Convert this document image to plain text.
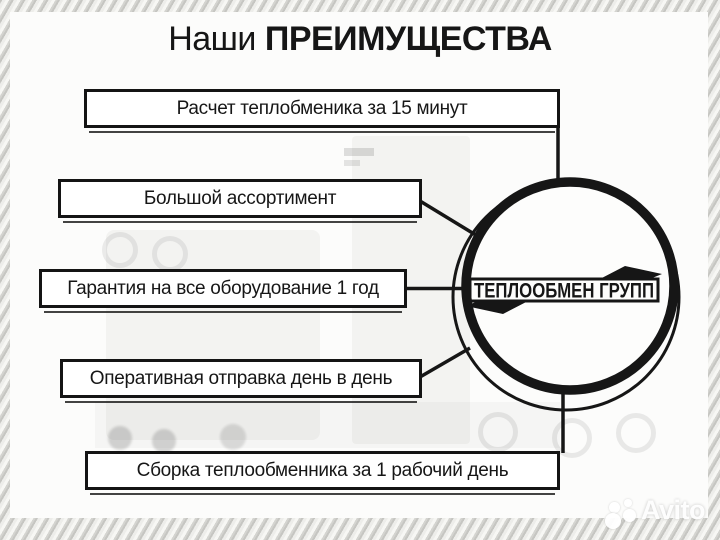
Наши ПРЕИМУЩЕСТВА
Расчет теплобменика за 15 минут
Большой ассортимент
Гарантия на все оборудование 1 год
Оперативная отправка день в день
Сборка теплообменника за 1 рабочий день
ТЕПЛООБМЕН ГРУПП
Avito
